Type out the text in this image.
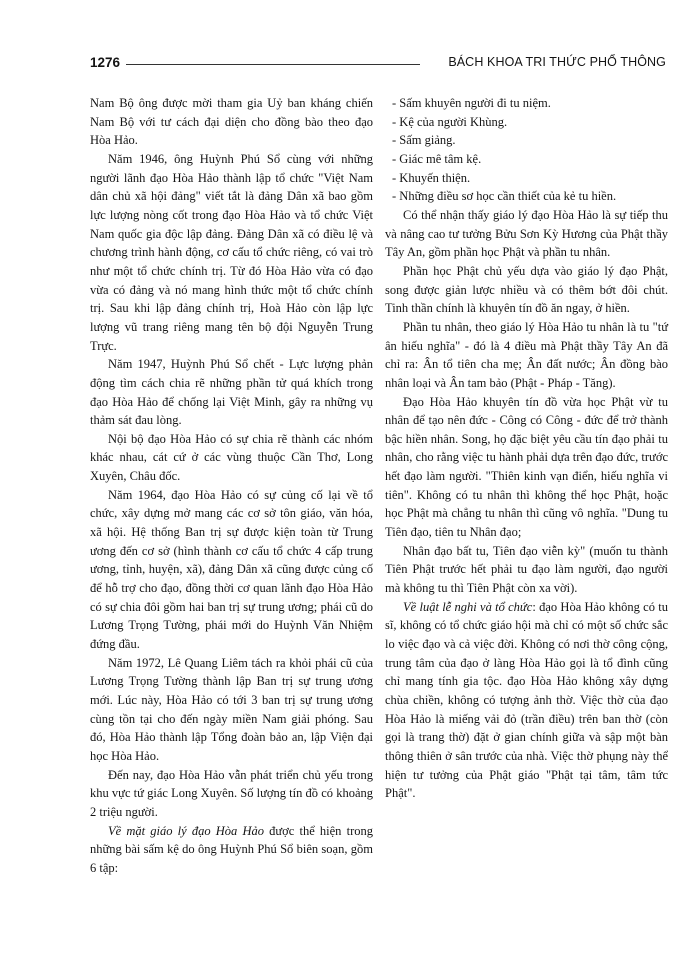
1276	BÁCH KHOA TRI THỨC PHỔ THÔNG

Nam Bộ ông được mời tham gia Uỷ ban kháng chiến Nam Bộ với tư cách đại diện cho đồng bào theo đạo Hòa Hảo.

Năm 1946, ông Huỳnh Phú Sổ cùng với những người lãnh đạo Hòa Hảo thành lập tổ chức "Việt Nam dân chủ xã hội đảng" viết tắt là đảng Dân xã bao gồm lực lượng nòng cốt trong đạo Hòa Hảo và tổ chức Việt Nam quốc gia độc lập đảng. Đảng Dân xã có điều lệ và chương trình hành động, cơ cấu tổ chức riêng, có vai trò như một tổ chức chính trị. Từ đó Hòa Hảo vừa có đạo vừa có đảng và nó mang hình thức một tổ chức chính trị. Sau khi lập đảng chính trị, Hoà Hảo còn lập lực lượng vũ trang riêng mang tên bộ đội Nguyễn Trung Trực.

Năm 1947, Huỳnh Phú Sổ chết - Lực lượng phản động tìm cách chia rẽ những phần tử quá khích trong đạo Hòa Hảo để chống lại Việt Minh, gây ra những vụ thảm sát đau lòng.

Nội bộ đạo Hòa Hảo có sự chia rẽ thành các nhóm khác nhau, cát cứ ở các vùng thuộc Cần Thơ, Long Xuyên, Châu đốc.

Năm 1964, đạo Hòa Hảo có sự củng cố lại về tổ chức, xây dựng mở mang các cơ sở tôn giáo, văn hóa, xã hội. Hệ thống Ban trị sự được kiện toàn từ Trung ương đến cơ sở (hình thành cơ cấu tổ chức 4 cấp trung ương, tỉnh, huyện, xã), đảng Dân xã cũng được củng cố để hỗ trợ cho đạo, đồng thời cơ quan lãnh đạo Hòa Hảo có sự chia đôi gồm hai ban trị sự trung ương; phái cũ do Lương Trọng Tường, phái mới do Huỳnh Văn Nhiệm đứng đầu.

Năm 1972, Lê Quang Liêm tách ra khỏi phái cũ của Lương Trọng Tường thành lập Ban trị sự trung ương mới. Lúc này, Hòa Hảo có tới 3 ban trị sự trung ương cùng tồn tại cho đến ngày miền Nam giải phóng. Sau đó, Hòa Hảo thành lập Tổng đoàn bảo an, lập Viện đại học Hòa Hảo.

Đến nay, đạo Hòa Hảo vẫn phát triển chủ yếu trong khu vực tứ giác Long Xuyên. Số lượng tín đồ có khoảng 2 triệu người.

Về mặt giáo lý đạo Hòa Hảo được thể hiện trong những bài sấm kệ do ông Huỳnh Phú Sổ biên soạn, gồm 6 tập:

- Sấm khuyên người đi tu niệm.
- Kệ của người Khùng.
- Sấm giảng.
- Giác mê tâm kệ.
- Khuyến thiện.
- Những điều sơ học cần thiết của kẻ tu hiền.

Có thể nhận thấy giáo lý đạo Hòa Hảo là sự tiếp thu và nâng cao tư tưởng Bửu Sơn Kỳ Hương của Phật thầy Tây An, gồm phần học Phật và phần tu nhân.

Phần học Phật chủ yếu dựa vào giáo lý đạo Phật, song được giản lược nhiều và có thêm bớt đôi chút. Tinh thần chính là khuyên tín đồ ăn ngay, ở hiền.

Phần tu nhân, theo giáo lý Hòa Hảo tu nhân là tu "tứ ân hiếu nghĩa" - đó là 4 điều mà Phật thầy Tây An đã chỉ ra: Ân tổ tiên cha mẹ; Ân đất nước; Ân đồng bào nhân loại và Ân tam bảo (Phật - Pháp - Tăng).

Đạo Hòa Hảo khuyên tín đồ vừa học Phật vừ tu nhân để tạo nên đức - Công có Công - đức để trở thành bậc hiền nhân. Song, họ đặc biệt yêu cầu tín đạo phải tu nhân, cho rằng việc tu hành phải dựa trên đạo đức, trước hết đạo làm người. "Thiên kinh vạn điển, hiếu nghĩa vi tiên". Không có tu nhân thì không thể học Phật, hoặc học Phật mà chẳng tu nhân thì cũng vô nghĩa. "Dung tu Tiên đạo, tiên tu Nhân đạo;

Nhân đạo bất tu, Tiên đạo viễn kỳ" (muốn tu thành Tiên Phật trước hết phải tu đạo làm người, đạo người mà không tu thì Tiên Phật còn xa vời).

Về luật lễ nghi và tổ chức: đạo Hòa Hảo không có tu sĩ, không có tổ chức giáo hội mà chỉ có một số chức sắc lo việc đạo và cả việc đời. Không có nơi thờ công cộng, trung tâm của đạo ở làng Hòa Hảo gọi là tổ đình cũng chỉ mang tính gia tộc. đạo Hòa Hảo không xây dựng chùa chiền, không có tượng ảnh thờ. Việc thờ của đạo Hòa Hảo là miếng vải đỏ (trần điều) trên ban thờ (còn gọi là trang thờ) đặt ở gian chính giữa và sập một bàn thông thiên ở sân trước của nhà. Việc thờ phụng này thể hiện tư tưởng của Phật giáo "Phật tại tâm, tâm tức Phật".
